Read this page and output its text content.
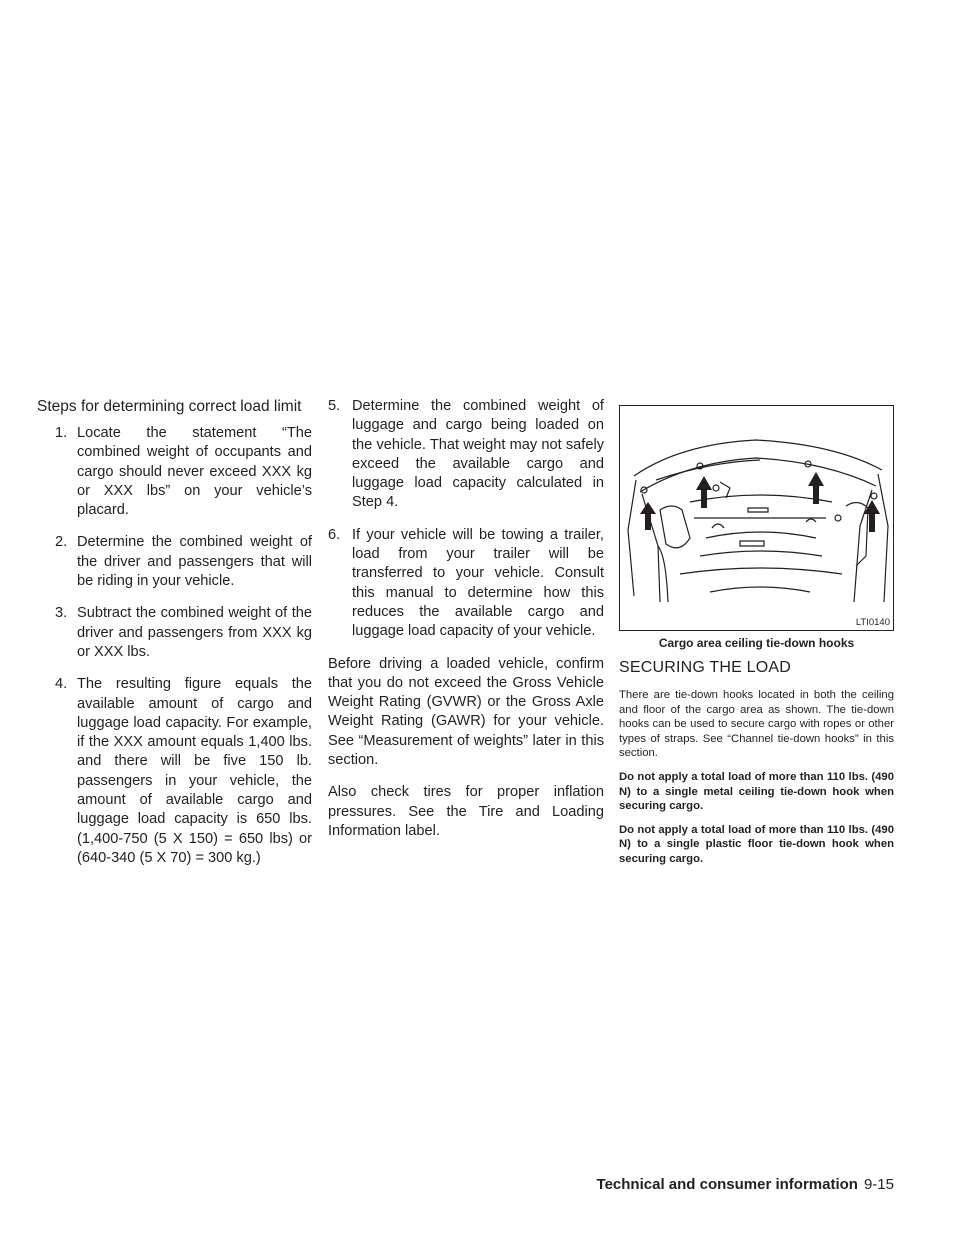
Steps for determining correct load limit
1. Locate the statement “The combined weight of occupants and cargo should never exceed XXX kg or XXX lbs” on your vehicle’s placard.
2. Determine the combined weight of the driver and passengers that will be riding in your vehicle.
3. Subtract the combined weight of the driver and passengers from XXX kg or XXX lbs.
4. The resulting figure equals the available amount of cargo and luggage load capacity. For example, if the XXX amount equals 1,400 lbs. and there will be five 150 lb. passengers in your vehicle, the amount of available cargo and luggage load capacity is 650 lbs. (1,400-750 (5 X 150) = 650 lbs) or (640-340 (5 X 70) = 300 kg.)
5. Determine the combined weight of luggage and cargo being loaded on the vehicle. That weight may not safely exceed the available cargo and luggage load capacity calculated in Step 4.
6. If your vehicle will be towing a trailer, load from your trailer will be transferred to your vehicle. Consult this manual to determine how this reduces the available cargo and luggage load capacity of your vehicle.

Before driving a loaded vehicle, confirm that you do not exceed the Gross Vehicle Weight Rating (GVWR) or the Gross Axle Weight Rating (GAWR) for your vehicle. See “Measurement of weights” later in this section.

Also check tires for proper inflation pressures. See the Tire and Loading Information label.

LTI0140
Cargo area ceiling tie-down hooks
SECURING THE LOAD

There are tie-down hooks located in both the ceiling and floor of the cargo area as shown. The tie-down hooks can be used to secure cargo with ropes or other types of straps. See “Channel tie-down hooks” in this section.

Do not apply a total load of more than 110 lbs. (490 N) to a single metal ceiling tie-down hook when securing cargo.

Do not apply a total load of more than 110 lbs. (490 N) to a single plastic floor tie-down hook when securing cargo.

Technical and consumer information 9-15
